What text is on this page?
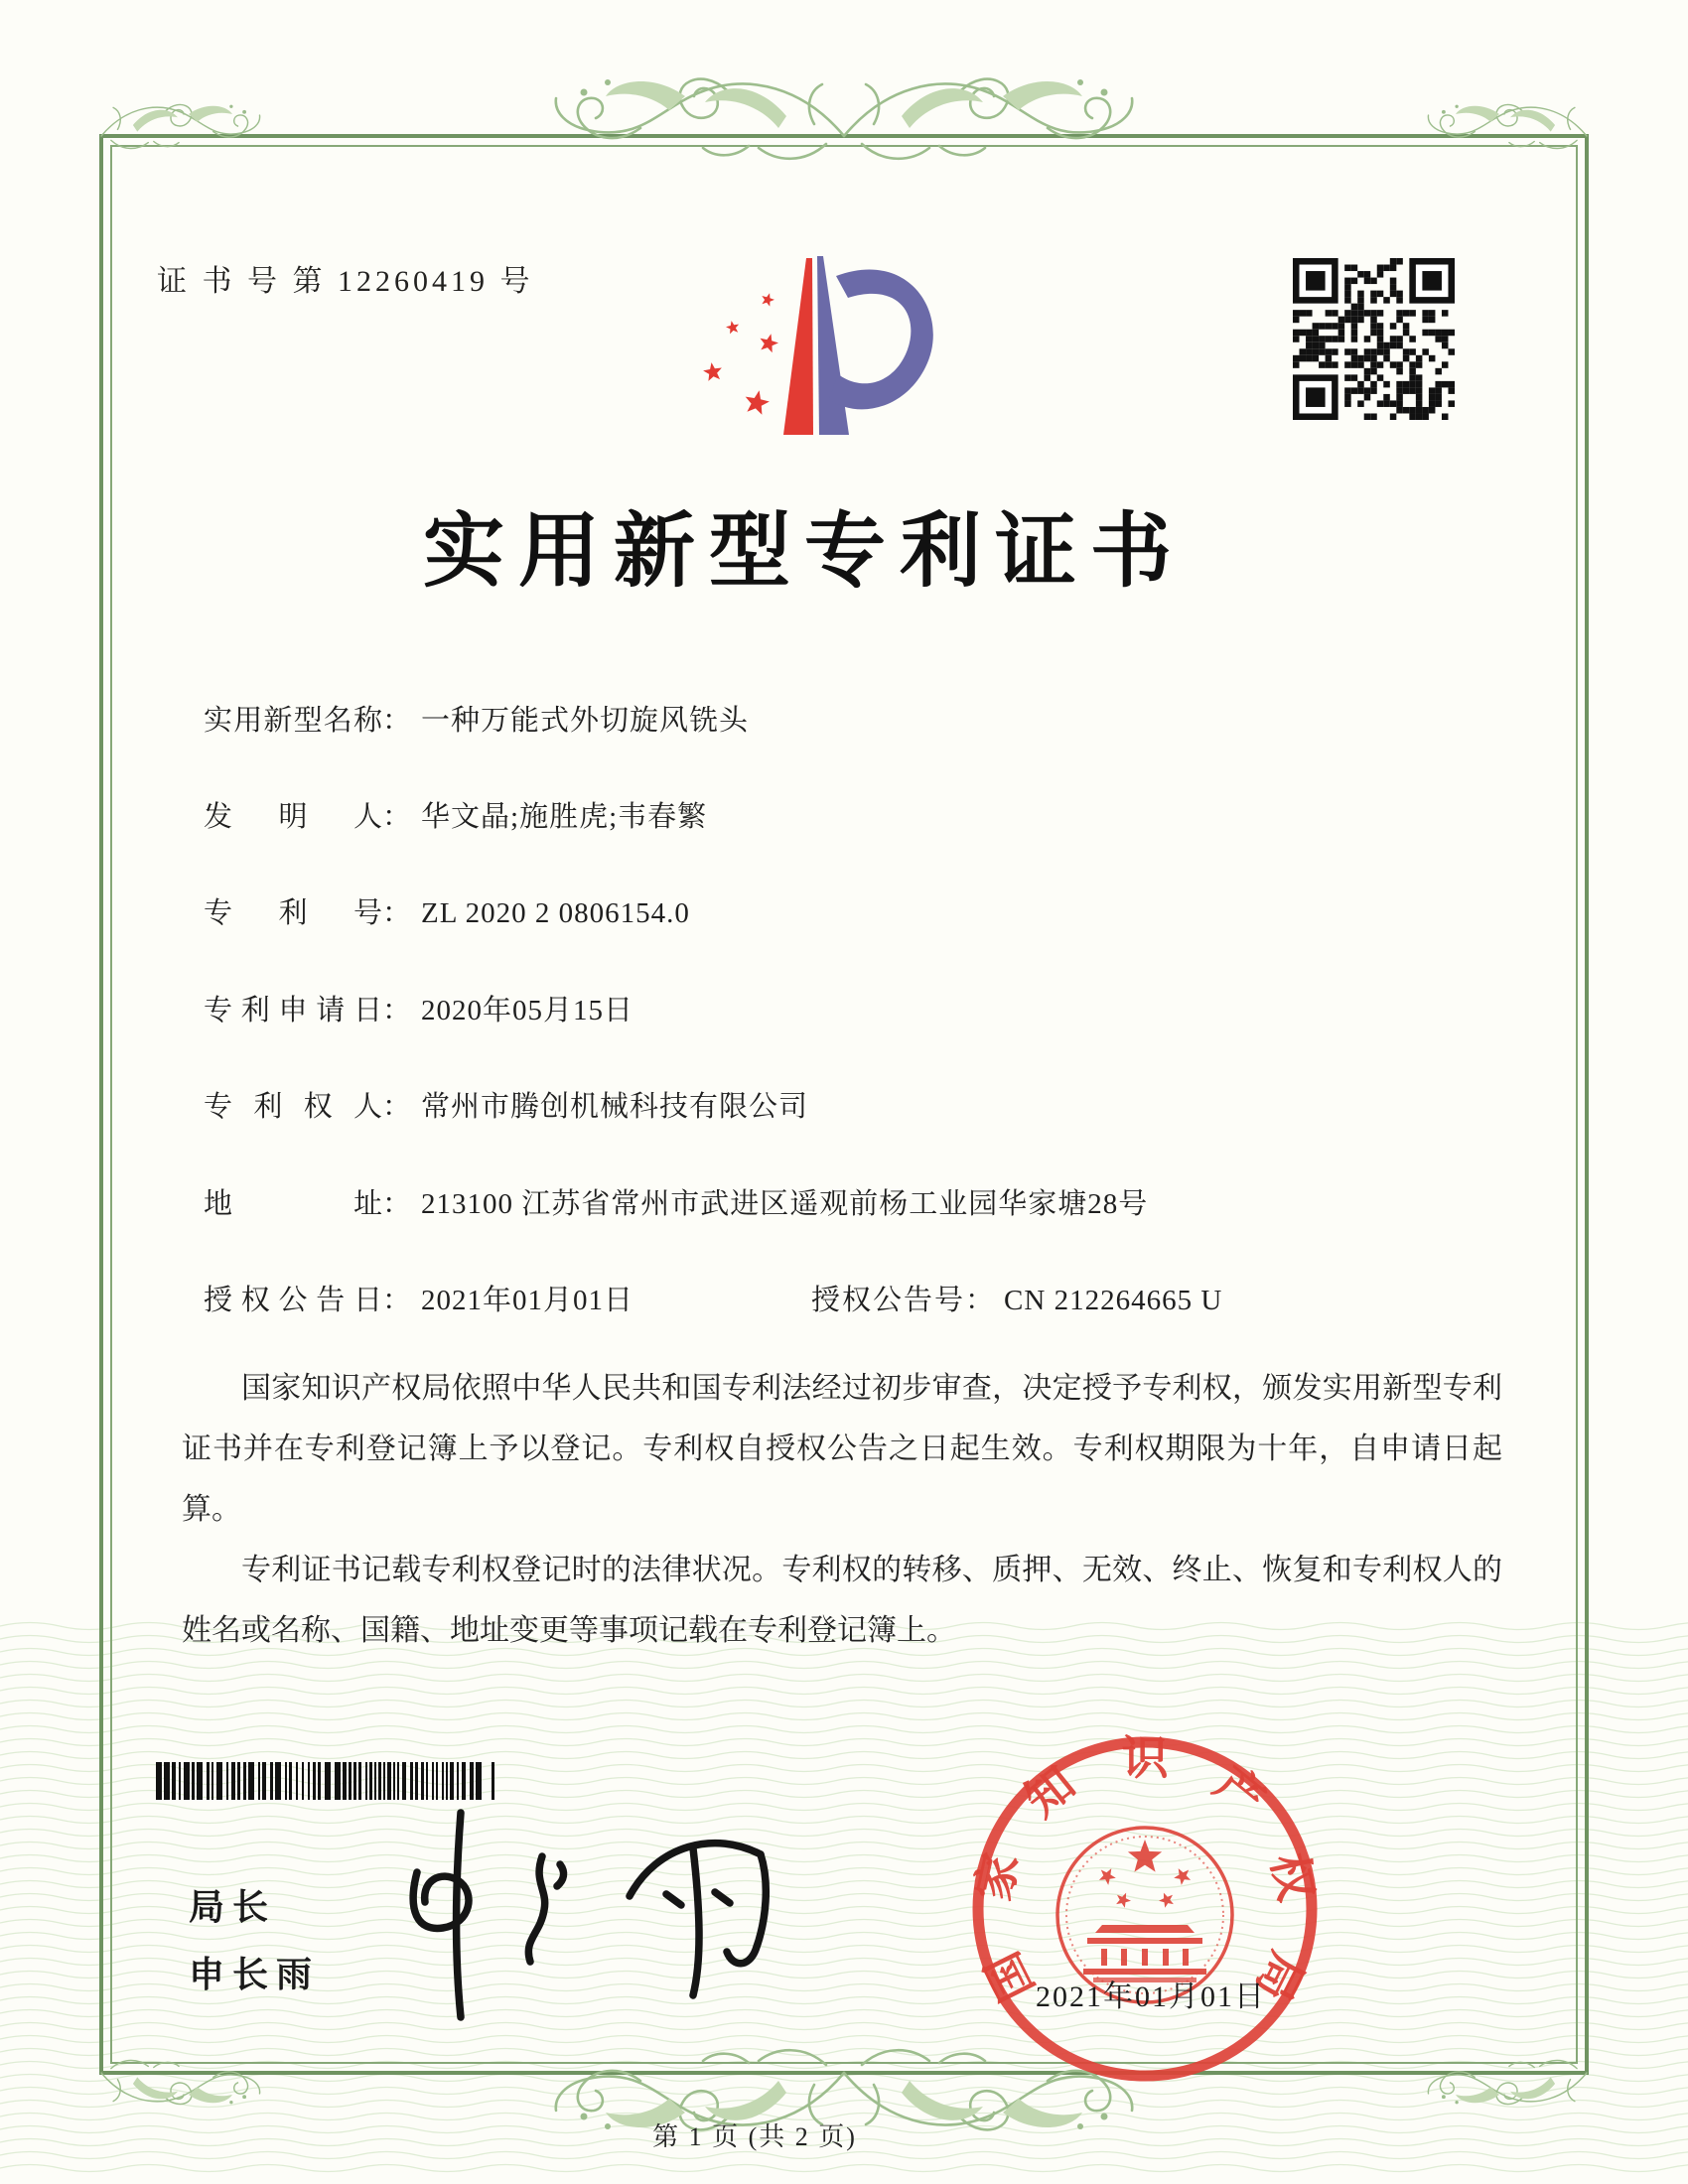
证 书 号 第 12260419 号
实用新型专利证书
实用新型名称： 一种万能式外切旋风铣头
发明人： 华文晶;施胜虎;韦春繁
专利号： ZL 2020 2 0806154.0
专利申请日： 2020年05月15日
专利权人： 常州市腾创机械科技有限公司
地址： 213100 江苏省常州市武进区遥观前杨工业园华家塘28号
授权公告日： 2021年01月01日	授权公告号： CN 212264665 U

国家知识产权局依照中华人民共和国专利法经过初步审查，决定授予专利权，颁发实用新型专利证书并在专利登记簿上予以登记。专利权自授权公告之日起生效。专利权期限为十年，自申请日起算。

专利证书记载专利权登记时的法律状况。专利权的转移、质押、无效、终止、恢复和专利权人的姓名或名称、国籍、地址变更等事项记载在专利登记簿上。

局长
申长雨	国家知识产权局
2021年01月01日
第 1 页 (共 2 页)
